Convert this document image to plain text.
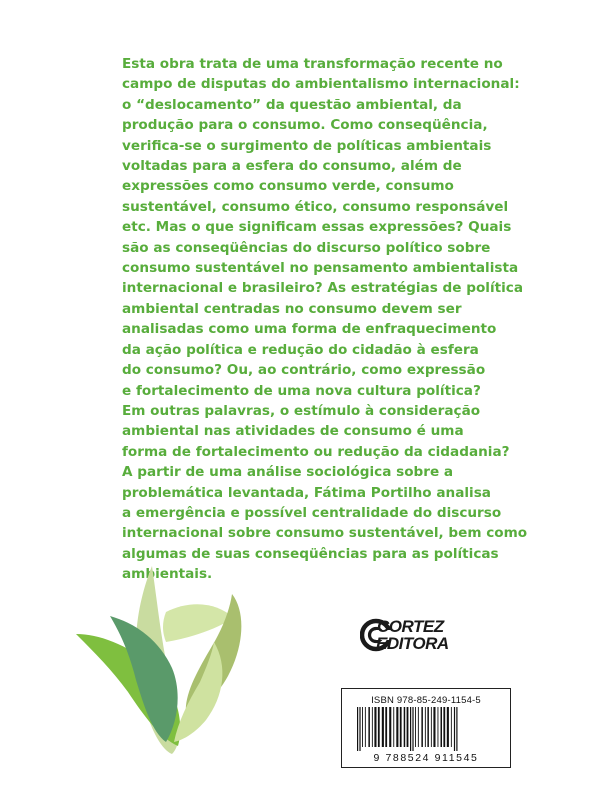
Esta obra trata de uma transformação recente no
campo de disputas do ambientalismo internacional:
o “deslocamento” da questão ambiental, da
produção para o consumo. Como conseqüência,
verifica-se o surgimento de políticas ambientais
voltadas para a esfera do consumo, além de
expressões como consumo verde, consumo
sustentável, consumo ético, consumo responsável
etc. Mas o que significam essas expressões? Quais
são as conseqüências do discurso político sobre
consumo sustentável no pensamento ambientalista
internacional e brasileiro? As estratégias de política
ambiental centradas no consumo devem ser
analisadas como uma forma de enfraquecimento
da ação política e redução do cidadão à esfera
do consumo? Ou, ao contrário, como expressão
e fortalecimento de uma nova cultura política?
Em outras palavras, o estímulo à consideração
ambiental nas atividades de consumo é uma
forma de fortalecimento ou redução da cidadania?
A partir de uma análise sociológica sobre a
problemática levantada, Fátima Portilho analisa
a emergência e possível centralidade do discurso
internacional sobre consumo sustentável, bem como
algumas de suas conseqüências para as políticas
ambientais.
CORTEZ
EDITORA
ISBN 978-85-249-1154-5
9 788524 911545
